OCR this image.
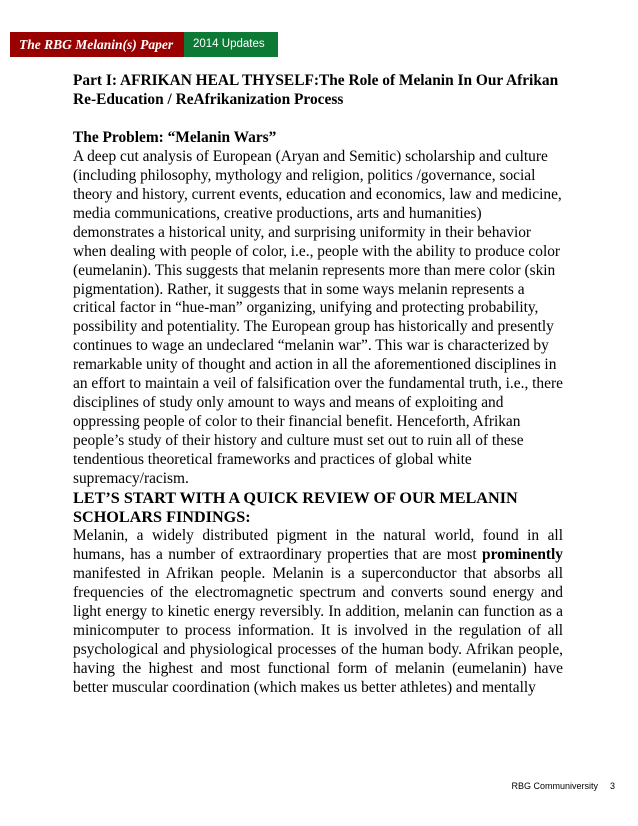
The RBG Melanin(s) Paper	2014 Updates

Part I: AFRIKAN HEAL THYSELF:The Role of Melanin In Our Afrikan Re-Education / ReAfrikanization Process

The Problem: “Melanin Wars”

A deep cut analysis of European (Aryan and Semitic) scholarship and culture (including philosophy, mythology and religion, politics /governance, social theory and history, current events, education and economics, law and medicine, media communications, creative productions, arts and humanities) demonstrates a historical unity, and surprising uniformity in their behavior when dealing with people of color, i.e., people with the ability to produce color (eumelanin). This suggests that melanin represents more than mere color (skin pigmentation). Rather, it suggests that in some ways melanin represents a critical factor in “hue-man” organizing, unifying and protecting probability, possibility and potentiality. The European group has historically and presently continues to wage an undeclared “melanin war”. This war is characterized by remarkable unity of thought and action in all the aforementioned disciplines in an effort to maintain a veil of falsification over the fundamental truth, i.e., there disciplines of study only amount to ways and means of exploiting and oppressing people of color to their financial benefit. Henceforth, Afrikan people’s study of their history and culture must set out to ruin all of these tendentious theoretical frameworks and practices of global white supremacy/racism.

LET’S START WITH A QUICK REVIEW OF OUR MELANIN SCHOLARS FINDINGS:

Melanin, a widely distributed pigment in the natural world, found in all humans, has a number of extraordinary properties that are most prominently manifested in Afrikan people. Melanin is a superconductor that absorbs all frequencies of the electromagnetic spectrum and converts sound energy and light energy to kinetic energy reversibly. In addition, melanin can function as a minicomputer to process information. It is involved in the regulation of all psychological and physiological processes of the human body. Afrikan people, having the highest and most functional form of melanin (eumelanin) have better muscular coordination (which makes us better athletes) and mentally

RBG Communiversity 3
